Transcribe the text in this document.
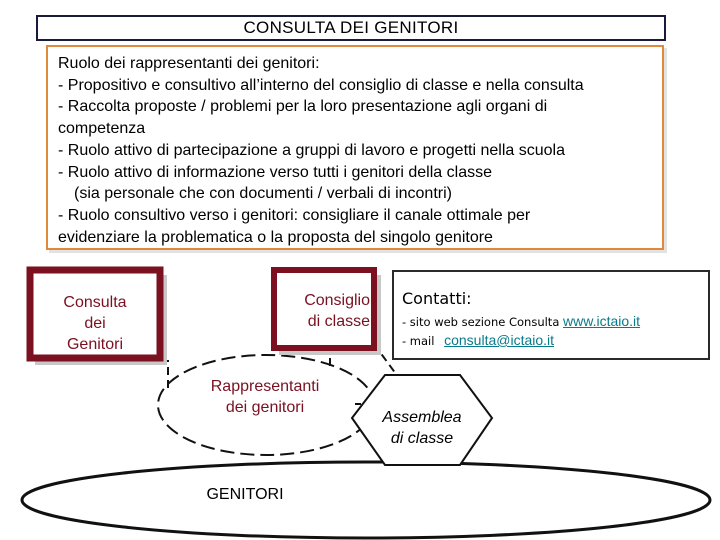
CONSULTA DEI GENITORI
Ruolo dei rappresentanti dei genitori:
- Propositivo e consultivo all’interno del consiglio di classe e nella consulta
- Raccolta proposte / problemi per la loro presentazione agli organi di competenza
- Ruolo attivo di partecipazione a gruppi di lavoro e progetti nella scuola
- Ruolo attivo di informazione verso tutti i genitori della classe
(sia personale che con documenti / verbali di incontri)
- Ruolo consultivo verso i genitori: consigliare il canale ottimale per evidenziare la problematica o la proposta del singolo genitore
Consulta
dei
Genitori
Consiglio
di classe
Rappresentanti
dei genitori
Assemblea
di classe
GENITORI
Contatti:
- sito web sezione Consulta www.ictaio.it
- mail consulta@ictaio.it
